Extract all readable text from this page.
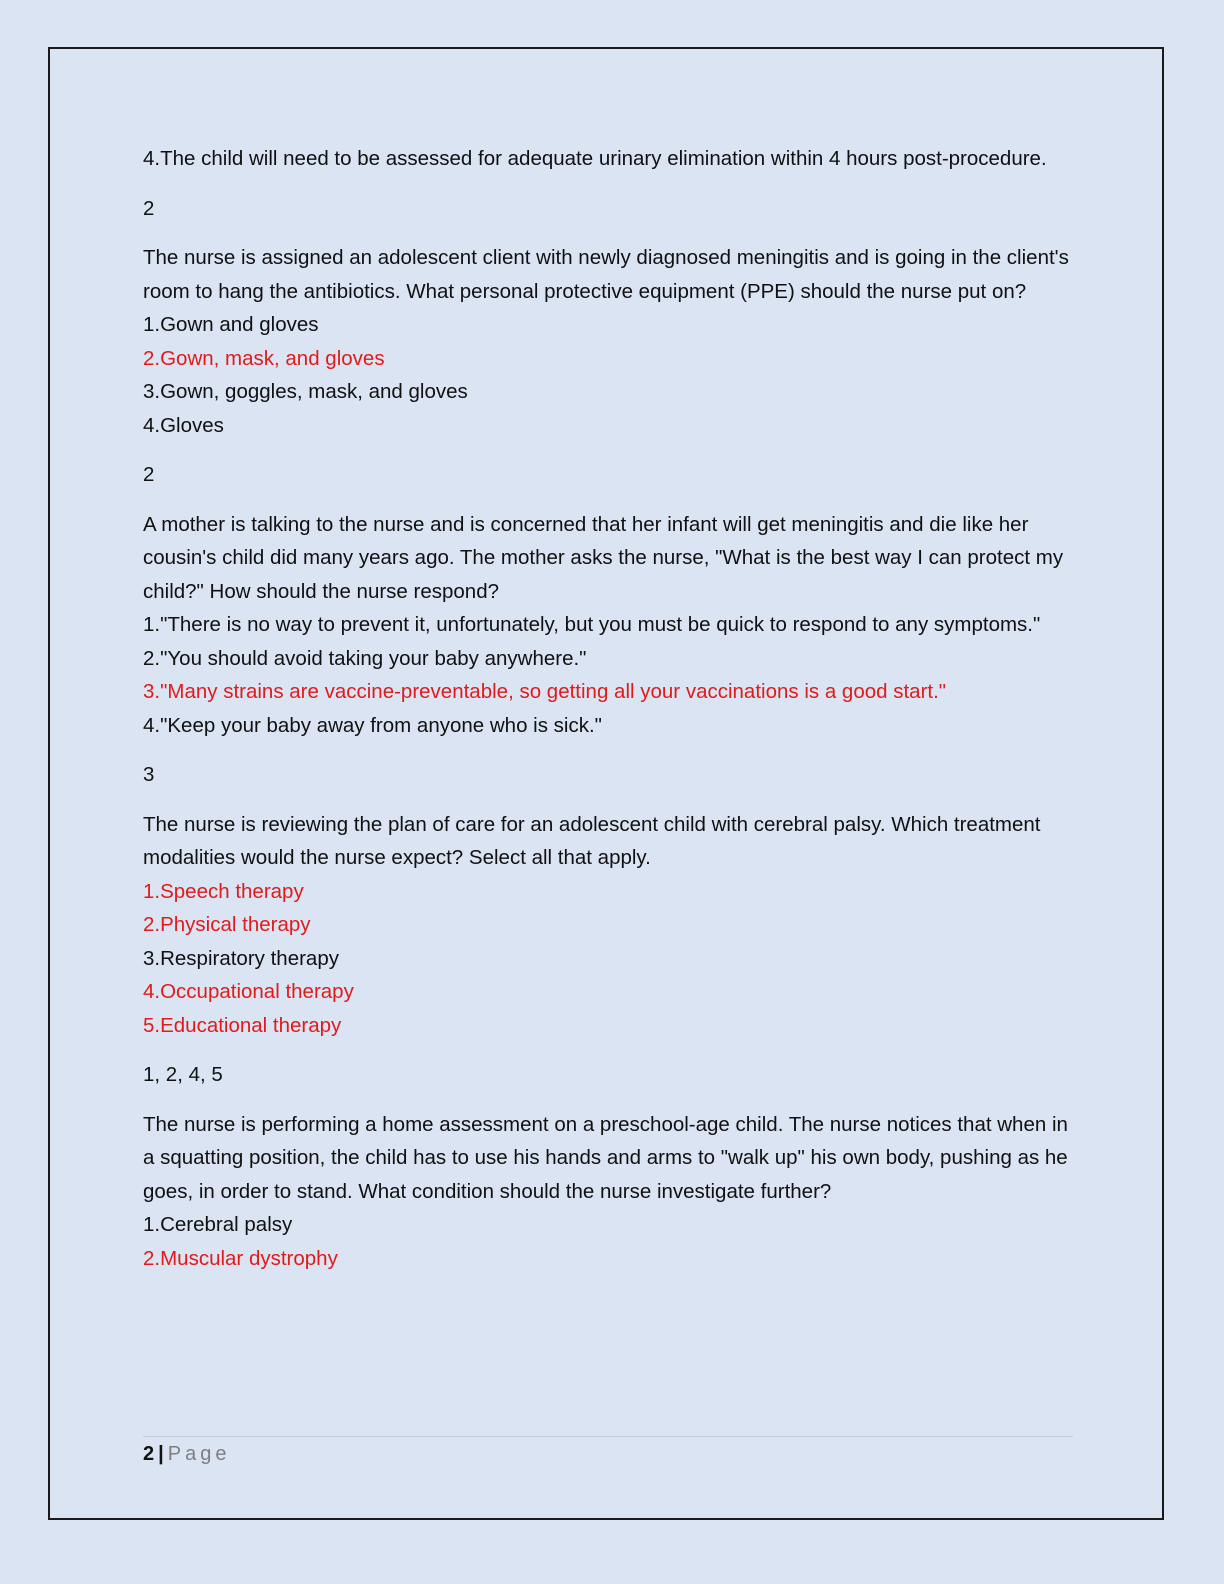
4.The child will need to be assessed for adequate urinary elimination within 4 hours post-procedure.
2
The nurse is assigned an adolescent client with newly diagnosed meningitis and is going in the client's room to hang the antibiotics. What personal protective equipment (PPE) should the nurse put on?
1.Gown and gloves
2.Gown, mask, and gloves
3.Gown, goggles, mask, and gloves
4.Gloves
2
A mother is talking to the nurse and is concerned that her infant will get meningitis and die like her cousin's child did many years ago. The mother asks the nurse, "What is the best way I can protect my child?" How should the nurse respond?
1."There is no way to prevent it, unfortunately, but you must be quick to respond to any symptoms."
2."You should avoid taking your baby anywhere."
3."Many strains are vaccine-preventable, so getting all your vaccinations is a good start."
4."Keep your baby away from anyone who is sick."
3
The nurse is reviewing the plan of care for an adolescent child with cerebral palsy. Which treatment modalities would the nurse expect? Select all that apply.
1.Speech therapy
2.Physical therapy
3.Respiratory therapy
4.Occupational therapy
5.Educational therapy
1, 2, 4, 5
The nurse is performing a home assessment on a preschool-age child. The nurse notices that when in a squatting position, the child has to use his hands and arms to "walk up" his own body, pushing as he goes, in order to stand. What condition should the nurse investigate further?
1.Cerebral palsy
2.Muscular dystrophy
2 | Page
